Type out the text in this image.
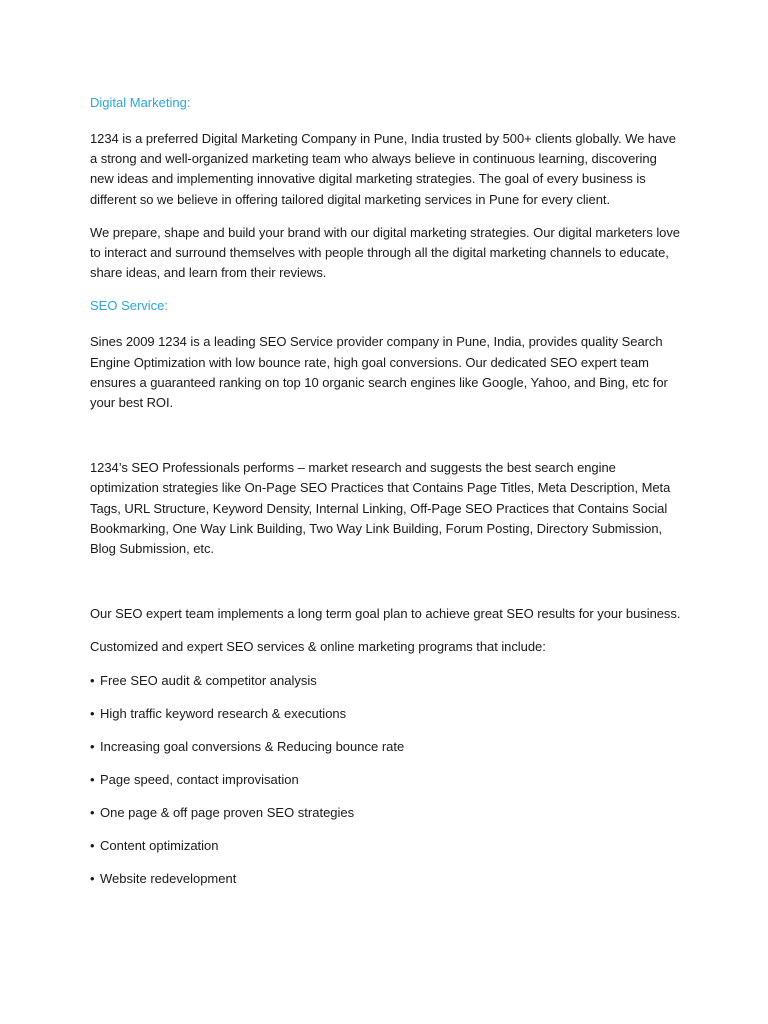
Digital Marketing:

1234 is a preferred Digital Marketing Company in Pune, India trusted by 500+ clients globally. We have a strong and well-organized marketing team who always believe in continuous learning, discovering new ideas and implementing innovative digital marketing strategies. The goal of every business is different so we believe in offering tailored digital marketing services in Pune for every client.

We prepare, shape and build your brand with our digital marketing strategies. Our digital marketers love to interact and surround themselves with people through all the digital marketing channels to educate, share ideas, and learn from their reviews.

SEO Service:

Sines 2009 1234 is a leading SEO Service provider company in Pune, India, provides quality Search Engine Optimization with low bounce rate, high goal conversions. Our dedicated SEO expert team ensures a guaranteed ranking on top 10 organic search engines like Google, Yahoo, and Bing, etc for your best ROI.

1234’s SEO Professionals performs – market research and suggests the best search engine optimization strategies like On-Page SEO Practices that Contains Page Titles, Meta Description, Meta Tags, URL Structure, Keyword Density, Internal Linking, Off-Page SEO Practices that Contains Social Bookmarking, One Way Link Building, Two Way Link Building, Forum Posting, Directory Submission, Blog Submission, etc.

Our SEO expert team implements a long term goal plan to achieve great SEO results for your business.

Customized and expert SEO services & online marketing programs that include:

• Free SEO audit & competitor analysis
• High traffic keyword research & executions
• Increasing goal conversions & Reducing bounce rate
• Page speed, contact improvisation
• One page & off page proven SEO strategies
• Content optimization
• Website redevelopment
